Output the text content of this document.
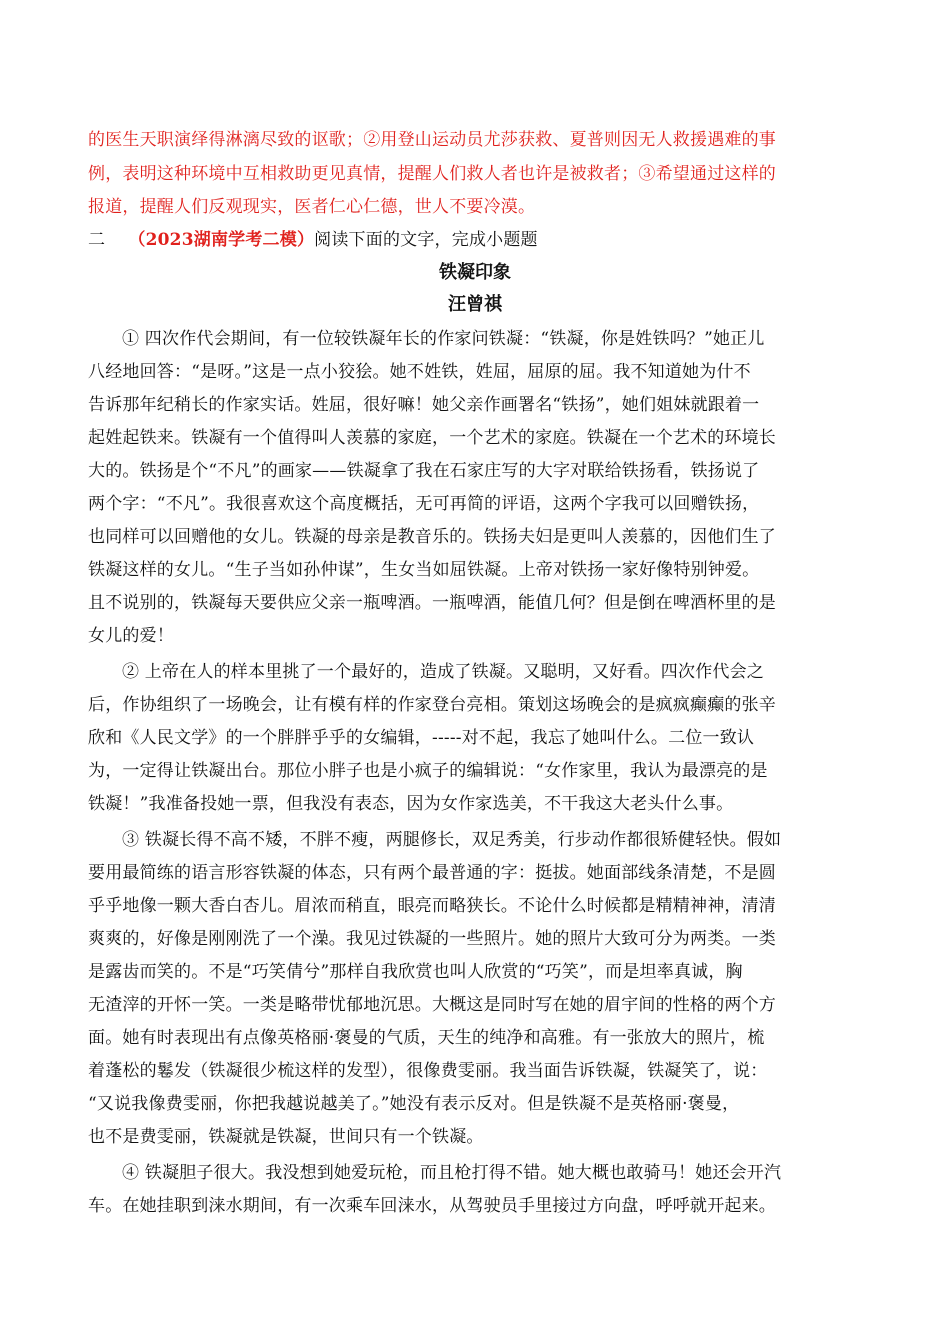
的医生天职演绎得淋漓尽致的讴歌；②用登山运动员尤莎获救、夏普则因无人救援遇难的事
例，表明这种环境中互相救助更见真情，提醒人们救人者也许是被救者；③希望通过这样的
报道，提醒人们反观现实，医者仁心仁德，世人不要冷漠。
二 （2023湖南学考二模）阅读下面的文字，完成小题题
铁凝印象
汪曾祺
① 四次作代会期间，有一位较铁凝年长的作家问铁凝：“铁凝，你是姓铁吗？”她正儿
八经地回答：“是呀。”这是一点小狡狯。她不姓铁，姓屈，屈原的屈。我不知道她为什不
告诉那年纪稍长的作家实话。姓屈，很好嘛！她父亲作画署名“铁扬”，她们姐妹就跟着一
起姓起铁来。铁凝有一个值得叫人羡慕的家庭，一个艺术的家庭。铁凝在一个艺术的环境长
大的。铁扬是个“不凡”的画家——铁凝拿了我在石家庄写的大字对联给铁扬看，铁扬说了
两个字：“不凡”。我很喜欢这个高度概括，无可再简的评语，这两个字我可以回赠铁扬，
也同样可以回赠他的女儿。铁凝的母亲是教音乐的。铁扬夫妇是更叫人羡慕的，因他们生了
铁凝这样的女儿。“生子当如孙仲谋”，生女当如屈铁凝。上帝对铁扬一家好像特别钟爱。
且不说别的，铁凝每天要供应父亲一瓶啤酒。一瓶啤酒，能值几何？但是倒在啤酒杯里的是
女儿的爱！
② 上帝在人的样本里挑了一个最好的，造成了铁凝。又聪明，又好看。四次作代会之
后，作协组织了一场晚会，让有模有样的作家登台亮相。策划这场晚会的是疯疯癫癫的张辛
欣和《人民文学》的一个胖胖乎乎的女编辑，-----对不起，我忘了她叫什么。二位一致认
为，一定得让铁凝出台。那位小胖子也是小疯子的编辑说：“女作家里，我认为最漂亮的是
铁凝！”我准备投她一票，但我没有表态，因为女作家选美，不干我这大老头什么事。
③ 铁凝长得不高不矮，不胖不瘦，两腿修长，双足秀美，行步动作都很矫健轻快。假如
要用最简练的语言形容铁凝的体态，只有两个最普通的字：挺拔。她面部线条清楚，不是圆
乎乎地像一颗大香白杏儿。眉浓而稍直，眼亮而略狭长。不论什么时候都是精精神神，清清
爽爽的，好像是刚刚洗了一个澡。我见过铁凝的一些照片。她的照片大致可分为两类。一类
是露齿而笑的。不是“巧笑倩兮”那样自我欣赏也叫人欣赏的“巧笑”，而是坦率真诚，胸
无渣滓的开怀一笑。一类是略带忧郁地沉思。大概这是同时写在她的眉宇间的性格的两个方
面。她有时表现出有点像英格丽·褒曼的气质，天生的纯净和高雅。有一张放大的照片，梳
着蓬松的鬈发（铁凝很少梳这样的发型），很像费雯丽。我当面告诉铁凝，铁凝笑了，说：
“又说我像费雯丽，你把我越说越美了。”她没有表示反对。但是铁凝不是英格丽·褒曼，
也不是费雯丽，铁凝就是铁凝，世间只有一个铁凝。
④ 铁凝胆子很大。我没想到她爱玩枪，而且枪打得不错。她大概也敢骑马！她还会开汽
车。在她挂职到涞水期间，有一次乘车回涞水，从驾驶员手里接过方向盘，呼呼就开起来。
